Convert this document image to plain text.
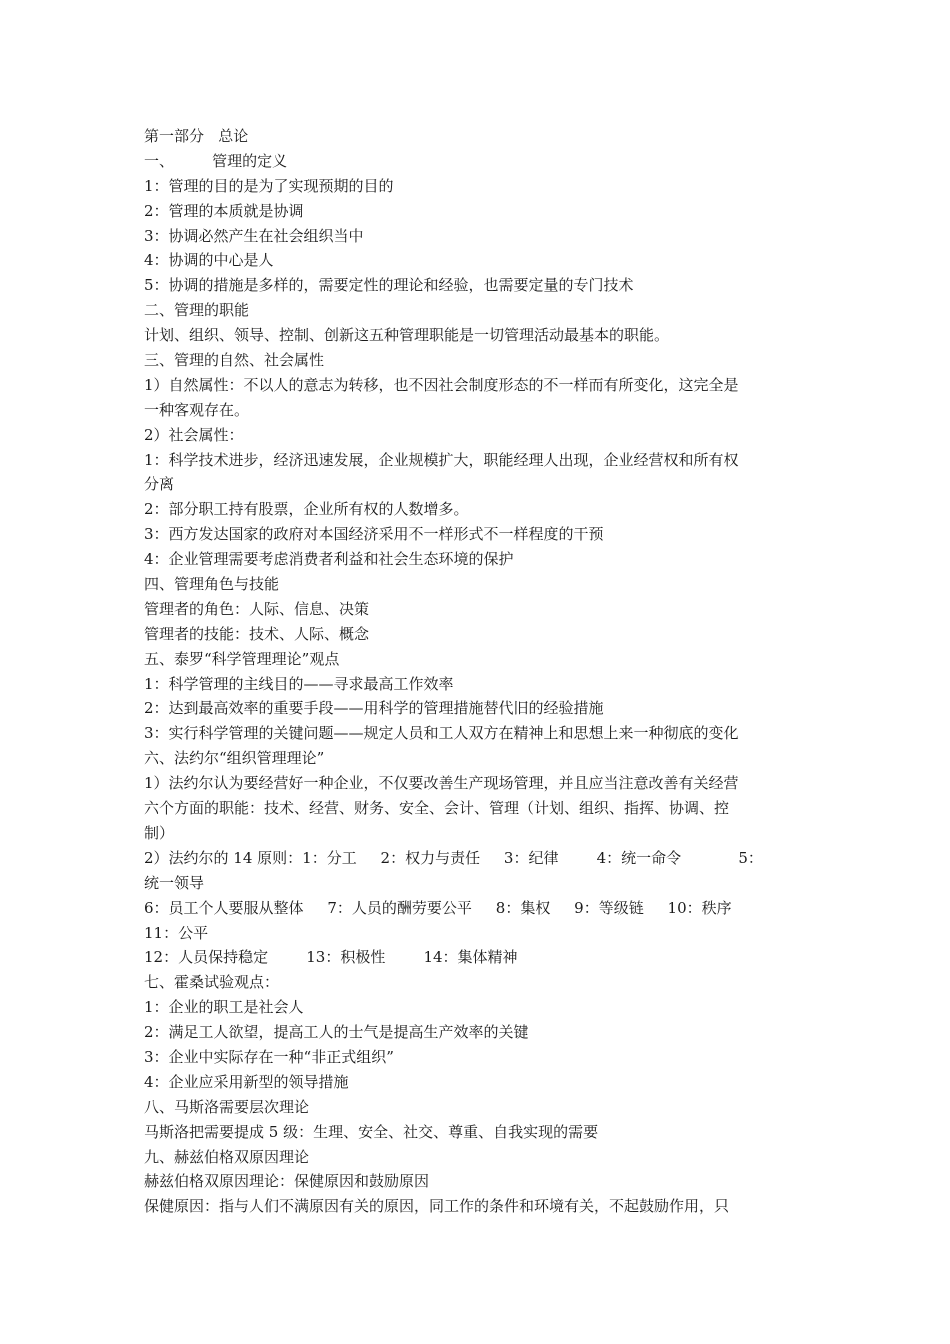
第一部分   总论
一、        管理的定义
1：管理的目的是为了实现预期的目的
2：管理的本质就是协调
3：协调必然产生在社会组织当中
4：协调的中心是人
5：协调的措施是多样的，需要定性的理论和经验，也需要定量的专门技术
二、管理的职能
计划、组织、领导、控制、创新这五种管理职能是一切管理活动最基本的职能。
三、管理的自然、社会属性
1）自然属性：不以人的意志为转移，也不因社会制度形态的不一样而有所变化，这完全是
一种客观存在。
2）社会属性：
1：科学技术进步，经济迅速发展，企业规模扩大，职能经理人出现，企业经营权和所有权
分离
2：部分职工持有股票，企业所有权的人数增多。
3：西方发达国家的政府对本国经济采用不一样形式不一样程度的干预
4：企业管理需要考虑消费者利益和社会生态环境的保护
四、管理角色与技能
管理者的角色：人际、信息、决策
管理者的技能：技术、人际、概念
五、泰罗“科学管理理论”观点
1：科学管理的主线目的——寻求最高工作效率
2：达到最高效率的重要手段——用科学的管理措施替代旧的经验措施
3：实行科学管理的关键问题——规定人员和工人双方在精神上和思想上来一种彻底的变化
六、法约尔“组织管理理论”
1）法约尔认为要经营好一种企业，不仅要改善生产现场管理，并且应当注意改善有关经营
六个方面的职能：技术、经营、财务、安全、会计、管理（计划、组织、指挥、协调、控
制）
2）法约尔的 14 原则：1：分工     2：权力与责任     3：纪律        4：统一命令            5：
统一领导
6：员工个人要服从整体     7：人员的酬劳要公平     8：集权     9：等级链     10：秩序
11：公平
12：人员保持稳定        13：积极性        14：集体精神
七、霍桑试验观点：
1：企业的职工是社会人
2：满足工人欲望，提高工人的士气是提高生产效率的关键
3：企业中实际存在一种“非正式组织”
4：企业应采用新型的领导措施
八、马斯洛需要层次理论
马斯洛把需要提成 5 级：生理、安全、社交、尊重、自我实现的需要
九、赫兹伯格双原因理论
赫兹伯格双原因理论：保健原因和鼓励原因
保健原因：指与人们不满原因有关的原因，同工作的条件和环境有关，不起鼓励作用，只
